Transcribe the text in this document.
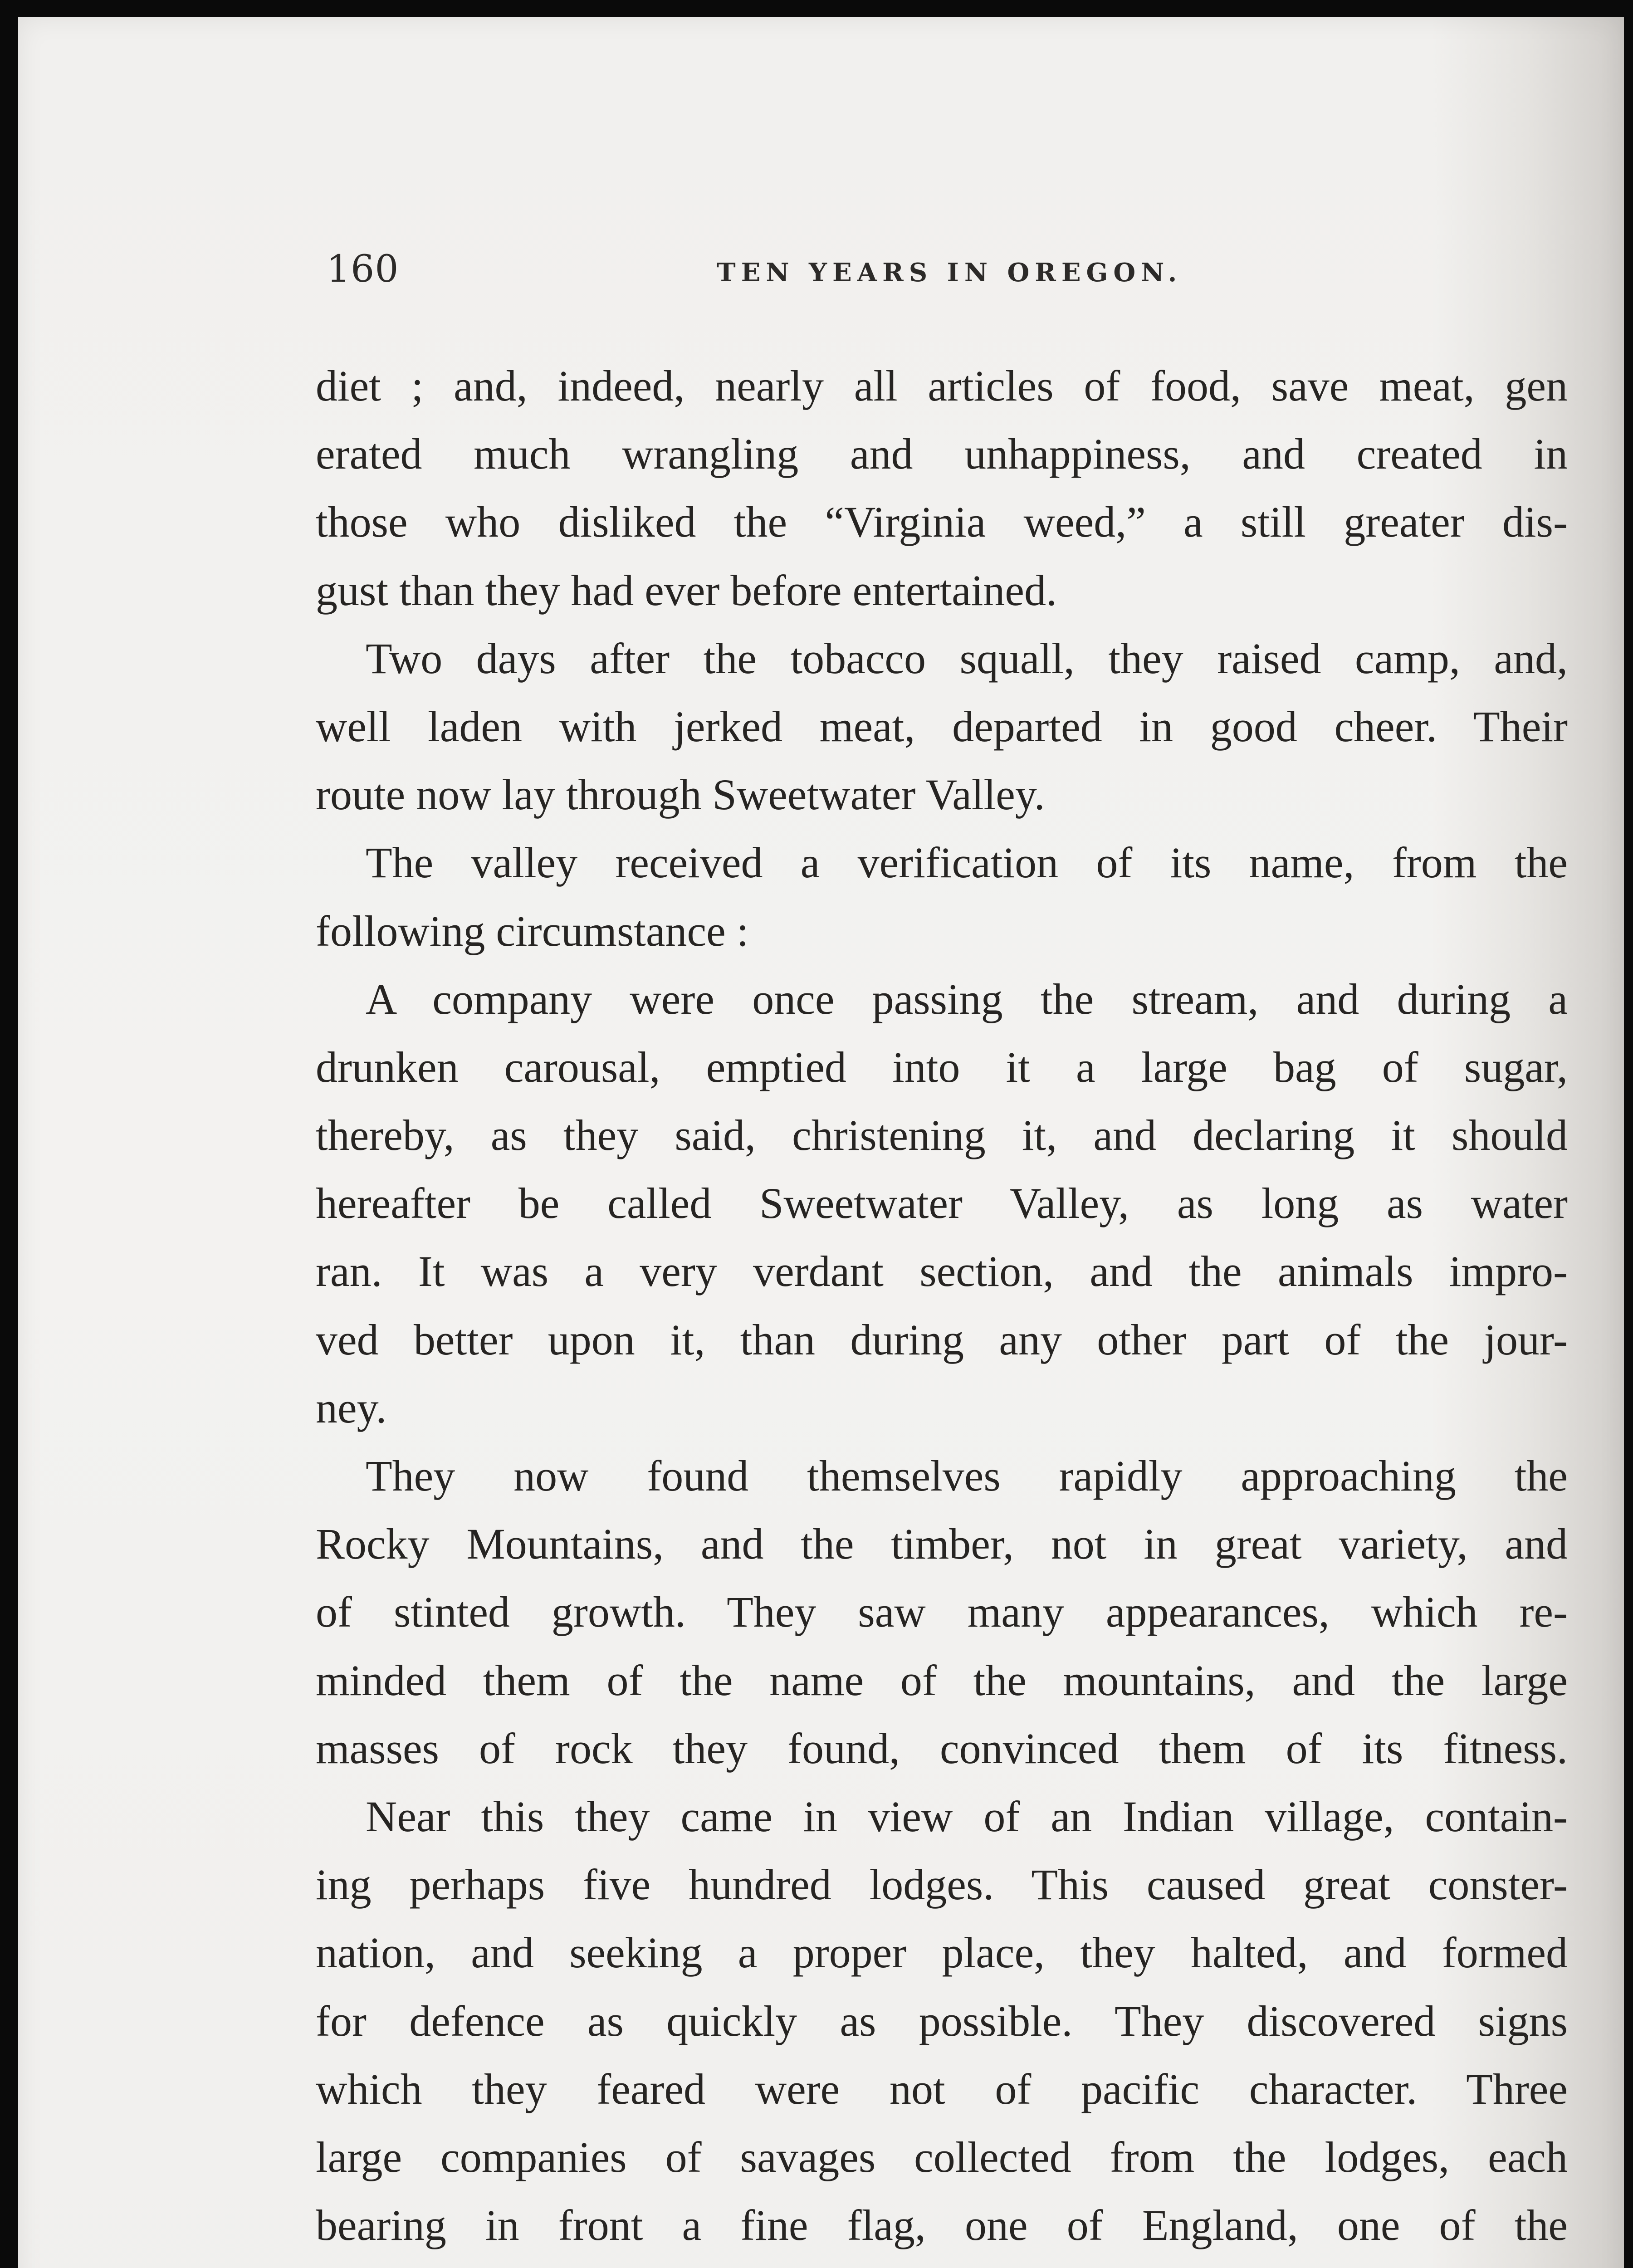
160	TEN YEARS IN OREGON.
diet ; and, indeed, nearly all articles of food, save meat, gen
erated much wrangling and unhappiness, and created in
those who disliked the “Virginia weed,” a still greater dis-
gust than they had ever before entertained.
Two days after the tobacco squall, they raised camp, and,
well laden with jerked meat, departed in good cheer. Their
route now lay through Sweetwater Valley.
The valley received a verification of its name, from the
following circumstance :
A company were once passing the stream, and during a
drunken carousal, emptied into it a large bag of sugar,
thereby, as they said, christening it, and declaring it should
hereafter be called Sweetwater Valley, as long as water
ran. It was a very verdant section, and the animals impro-
ved better upon it, than during any other part of the jour-
ney.
They now found themselves rapidly approaching the
Rocky Mountains, and the timber, not in great variety, and
of stinted growth. They saw many appearances, which re-
minded them of the name of the mountains, and the large
masses of rock they found, convinced them of its fitness.
Near this they came in view of an Indian village, contain-
ing perhaps five hundred lodges. This caused great conster-
nation, and seeking a proper place, they halted, and formed
for defence as quickly as possible. They discovered signs
which they feared were not of pacific character. Three
large companies of savages collected from the lodges, each
bearing in front a fine flag, one of England, one of the
